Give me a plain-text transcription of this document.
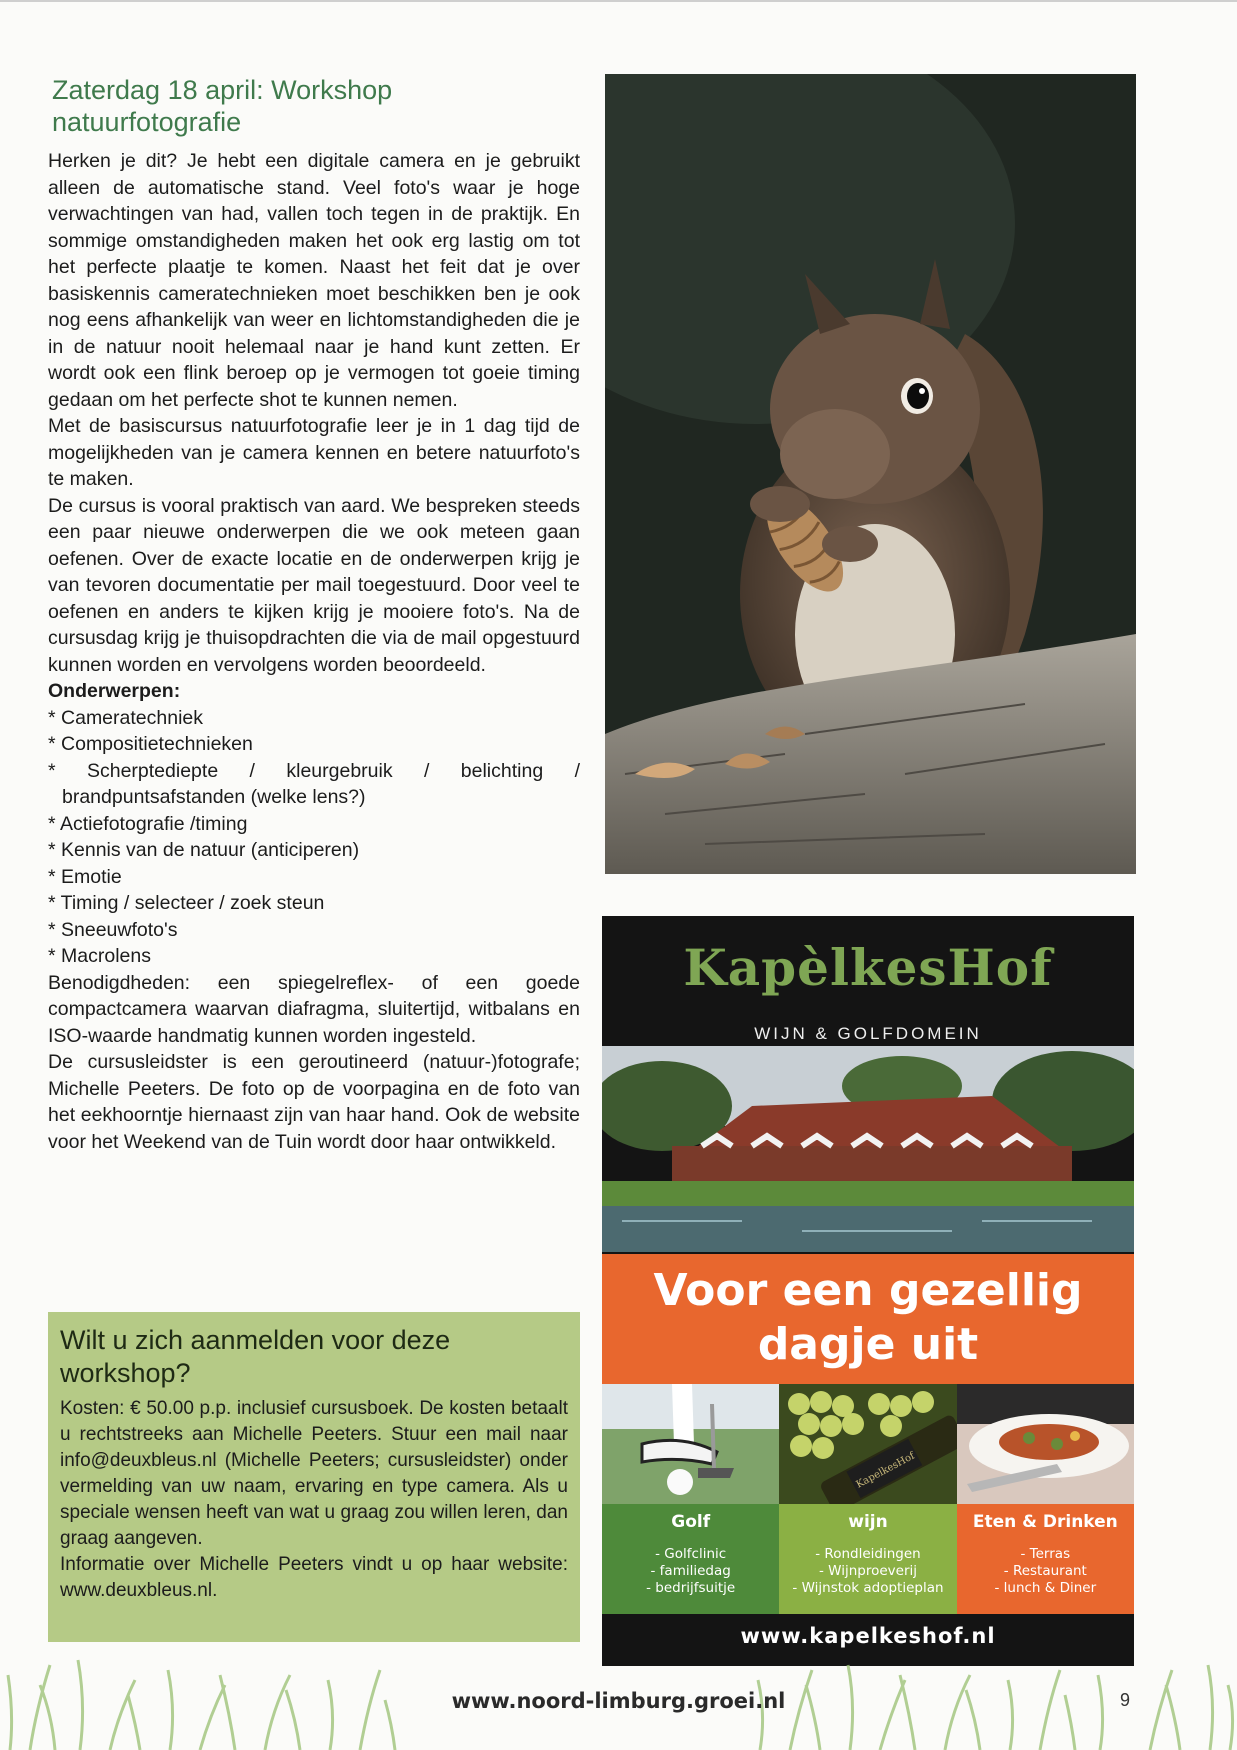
Zaterdag 18 april: Workshop natuurfotografie

Herken je dit? Je hebt een digitale camera en je gebruikt alleen de automatische stand. Veel foto's waar je hoge verwachtingen van had, vallen toch tegen in de praktijk. En sommige omstandigheden maken het ook erg lastig om tot het perfecte plaatje te komen. Naast het feit dat je over basiskennis cameratechnieken moet beschikken ben je ook nog eens afhankelijk van weer en lichtomstandigheden die je in de natuur nooit helemaal naar je hand kunt zetten. Er wordt ook een flink beroep op je vermogen tot goeie timing gedaan om het perfecte shot te kunnen nemen.

Met de basiscursus natuurfotografie leer je in 1 dag tijd de mogelijkheden van je camera kennen en betere natuurfoto's te maken.

De cursus is vooral praktisch van aard. We bespreken steeds een paar nieuwe onderwerpen die we ook meteen gaan oefenen. Over de exacte locatie en de onderwerpen krijg je van tevoren documentatie per mail toegestuurd. Door veel te oefenen en anders te kijken krijg je mooiere foto's. Na de cursusdag krijg je thuisopdrachten die via de mail opgestuurd kunnen worden en vervolgens worden beoordeeld.

Onderwerpen:

* Cameratechniek
* Compositietechnieken
* Scherptediepte / kleurgebruik / belichting / brandpuntsafstanden (welke lens?)
* Actiefotografie /timing
* Kennis van de natuur (anticiperen)
* Emotie
* Timing / selecteer / zoek steun
* Sneeuwfoto's
* Macrolens

Benodigdheden: een spiegelreflex- of een goede compactcamera waarvan diafragma, sluitertijd, witbalans en ISO-waarde handmatig kunnen worden ingesteld.

De cursusleidster is een geroutineerd (natuur-)fotografe; Michelle Peeters. De foto op de voorpagina en de foto van het eekhoorntje hiernaast zijn van haar hand. Ook de website voor het Weekend van de Tuin wordt door haar ontwikkeld.

Wilt u zich aanmelden voor deze workshop?

Kosten: € 50.00 p.p. inclusief cursusboek. De kosten betaalt u rechtstreeks aan Michelle Peeters. Stuur een mail naar info@deuxbleus.nl (Michelle Peeters; cursusleidster) onder vermelding van uw naam, ervaring en type camera. Als u speciale wensen heeft van wat u graag zou willen leren, dan graag aangeven.

Informatie over Michelle Peeters vindt u op haar website: www.deuxbleus.nl.

KapèlkesHof
WIJN & GOLFDOMEIN
Voor een gezellig
dagje uit
KapelkesHof
Golf
- Golfclinic
- familiedag
- bedrijfsuitje
wijn
- Rondleidingen
- Wijnproeverij
- Wijnstok adoptieplan
Eten & Drinken
- Terras
- Restaurant
- lunch & Diner
www.kapelkeshof.nl
www.noord-limburg.groei.nl	9
